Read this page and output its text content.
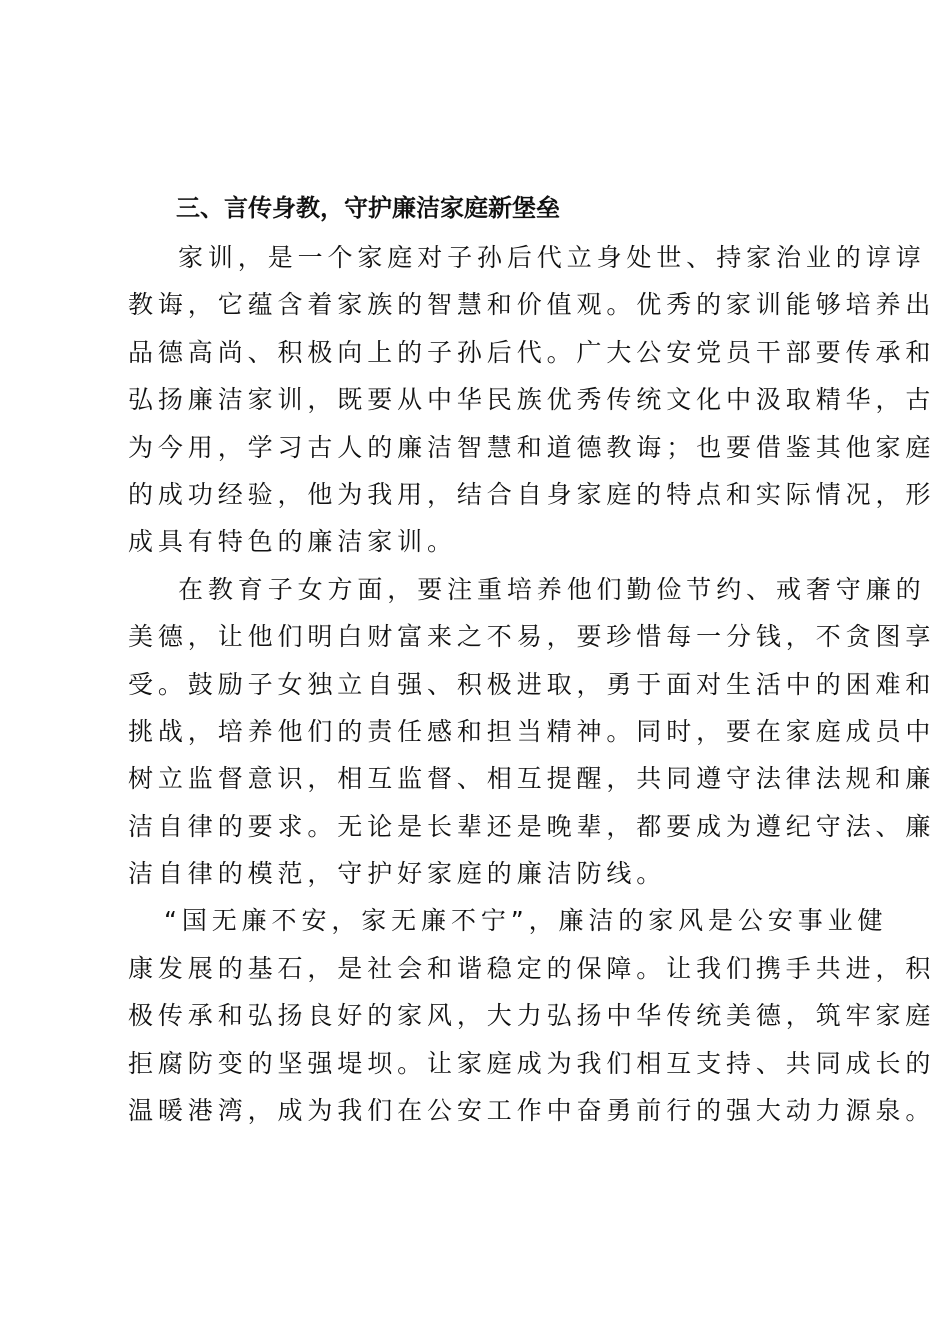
三、言传身教，守护廉洁家庭新堡垒
家训，是一个家庭对子孙后代立身处世、持家治业的谆谆
教诲，它蕴含着家族的智慧和价值观。优秀的家训能够培养出
品德高尚、积极向上的子孙后代。广大公安党员干部要传承和
弘扬廉洁家训，既要从中华民族优秀传统文化中汲取精华，古
为今用，学习古人的廉洁智慧和道德教诲；也要借鉴其他家庭
的成功经验，他为我用，结合自身家庭的特点和实际情况，形
成具有特色的廉洁家训。
在教育子女方面，要注重培养他们勤俭节约、戒奢守廉的
美德，让他们明白财富来之不易，要珍惜每一分钱，不贪图享
受。鼓励子女独立自强、积极进取，勇于面对生活中的困难和
挑战，培养他们的责任感和担当精神。同时，要在家庭成员中
树立监督意识，相互监督、相互提醒，共同遵守法律法规和廉
洁自律的要求。无论是长辈还是晚辈，都要成为遵纪守法、廉
洁自律的模范，守护好家庭的廉洁防线。
“国无廉不安，家无廉不宁”，廉洁的家风是公安事业健
康发展的基石，是社会和谐稳定的保障。让我们携手共进，积
极传承和弘扬良好的家风，大力弘扬中华传统美德，筑牢家庭
拒腐防变的坚强堤坝。让家庭成为我们相互支持、共同成长的
温暖港湾，成为我们在公安工作中奋勇前行的强大动力源泉。
